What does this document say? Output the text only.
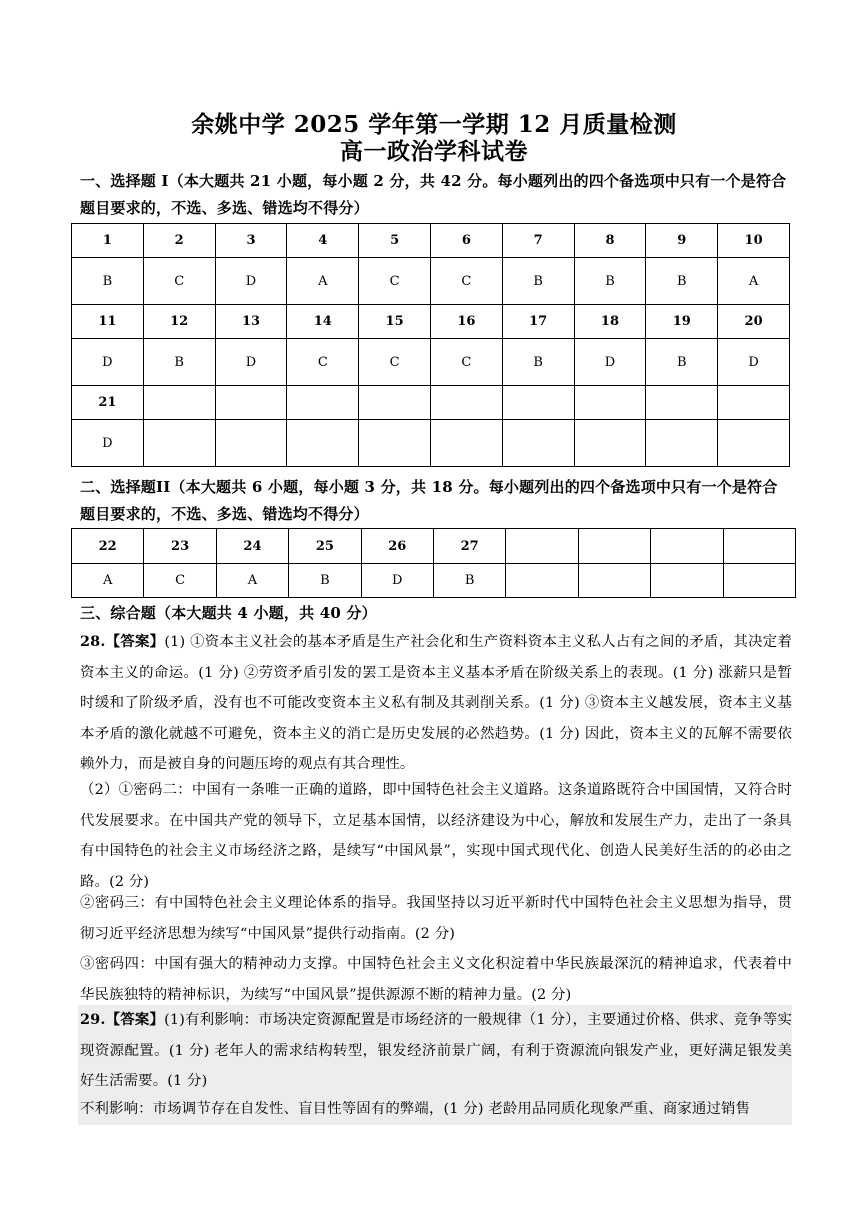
余姚中学 2025 学年第一学期 12 月质量检测
高一政治学科试卷
一、选择题 I（本大题共 21 小题，每小题 2 分，共 42 分。每小题列出的四个备选项中只有一个是符合题目要求的，不选、多选、错选均不得分）
1	2	3	4	5	6	7	8	9	10
B	C	D	A	C	C	B	B	B	A
11	12	13	14	15	16	17	18	19	20
D	B	D	C	C	C	B	D	B	D
21									
D									
二、选择题II（本大题共 6 小题，每小题 3 分，共 18 分。每小题列出的四个备选项中只有一个是符合题目要求的，不选、多选、错选均不得分）
22	23	24	25	26	27				
A	C	A	B	D	B				
三、综合题（本大题共 4 小题，共 40 分）
28.【答案】(1) ①资本主义社会的基本矛盾是生产社会化和生产资料资本主义私人占有之间的矛盾，其决定着资本主义的命运。(1 分) ②劳资矛盾引发的罢工是资本主义基本矛盾在阶级关系上的表现。(1 分) 涨薪只是暂时缓和了阶级矛盾，没有也不可能改变资本主义私有制及其剥削关系。(1 分) ③资本主义越发展，资本主义基本矛盾的激化就越不可避免，资本主义的消亡是历史发展的必然趋势。(1 分) 因此，资本主义的瓦解不需要依赖外力，而是被自身的问题压垮的观点有其合理性。
（2）①密码二：中国有一条唯一正确的道路，即中国特色社会主义道路。这条道路既符合中国国情，又符合时代发展要求。在中国共产党的领导下，立足基本国情，以经济建设为中心，解放和发展生产力，走出了一条具有中国特色的社会主义市场经济之路，是续写“中国风景”，实现中国式现代化、创造人民美好生活的的必由之路。(2 分)
②密码三：有中国特色社会主义理论体系的指导。我国坚持以习近平新时代中国特色社会主义思想为指导，贯彻习近平经济思想为续写“中国风景”提供行动指南。(2 分)
③密码四：中国有强大的精神动力支撑。中国特色社会主义文化积淀着中华民族最深沉的精神追求，代表着中华民族独特的精神标识，为续写“中国风景”提供源源不断的精神力量。(2 分)
29.【答案】(1)有利影响：市场决定资源配置是市场经济的一般规律（1 分），主要通过价格、供求、竞争等实现资源配置。(1 分) 老年人的需求结构转型，银发经济前景广阔，有利于资源流向银发产业，更好满足银发美好生活需要。(1 分)
不利影响：市场调节存在自发性、盲目性等固有的弊端，(1 分) 老龄用品同质化现象严重、商家通过销售
